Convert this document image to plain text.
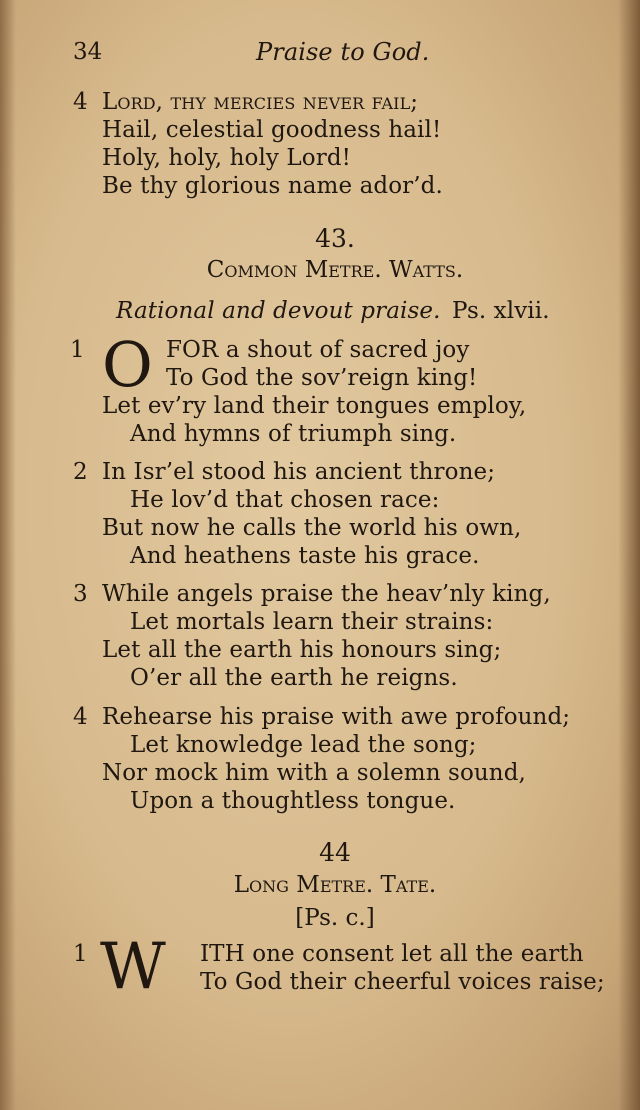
34	Praise to God.
4 Lord, thy mercies never fail;
Hail, celestial goodness hail!
Holy, holy, holy Lord!
Be thy glorious name ador’d.
43.
Common Metre. Watts.
Rational and devout praise. Ps. xlvii.
1 O FOR a shout of sacred joy
To God the sov’reign king!
Let ev’ry land their tongues employ,
And hymns of triumph sing.
2 In Isr’el stood his ancient throne;
He lov’d that chosen race:
But now he calls the world his own,
And heathens taste his grace.
3 While angels praise the heav’nly king,
Let mortals learn their strains:
Let all the earth his honours sing;
O’er all the earth he reigns.
4 Rehearse his praise with awe profound;
Let knowledge lead the song;
Nor mock him with a solemn sound,
Upon a thoughtless tongue.
44
Long Metre. Tate.
[Ps. c.]
1 W ITH one consent let all the earth
To God their cheerful voices raise;
